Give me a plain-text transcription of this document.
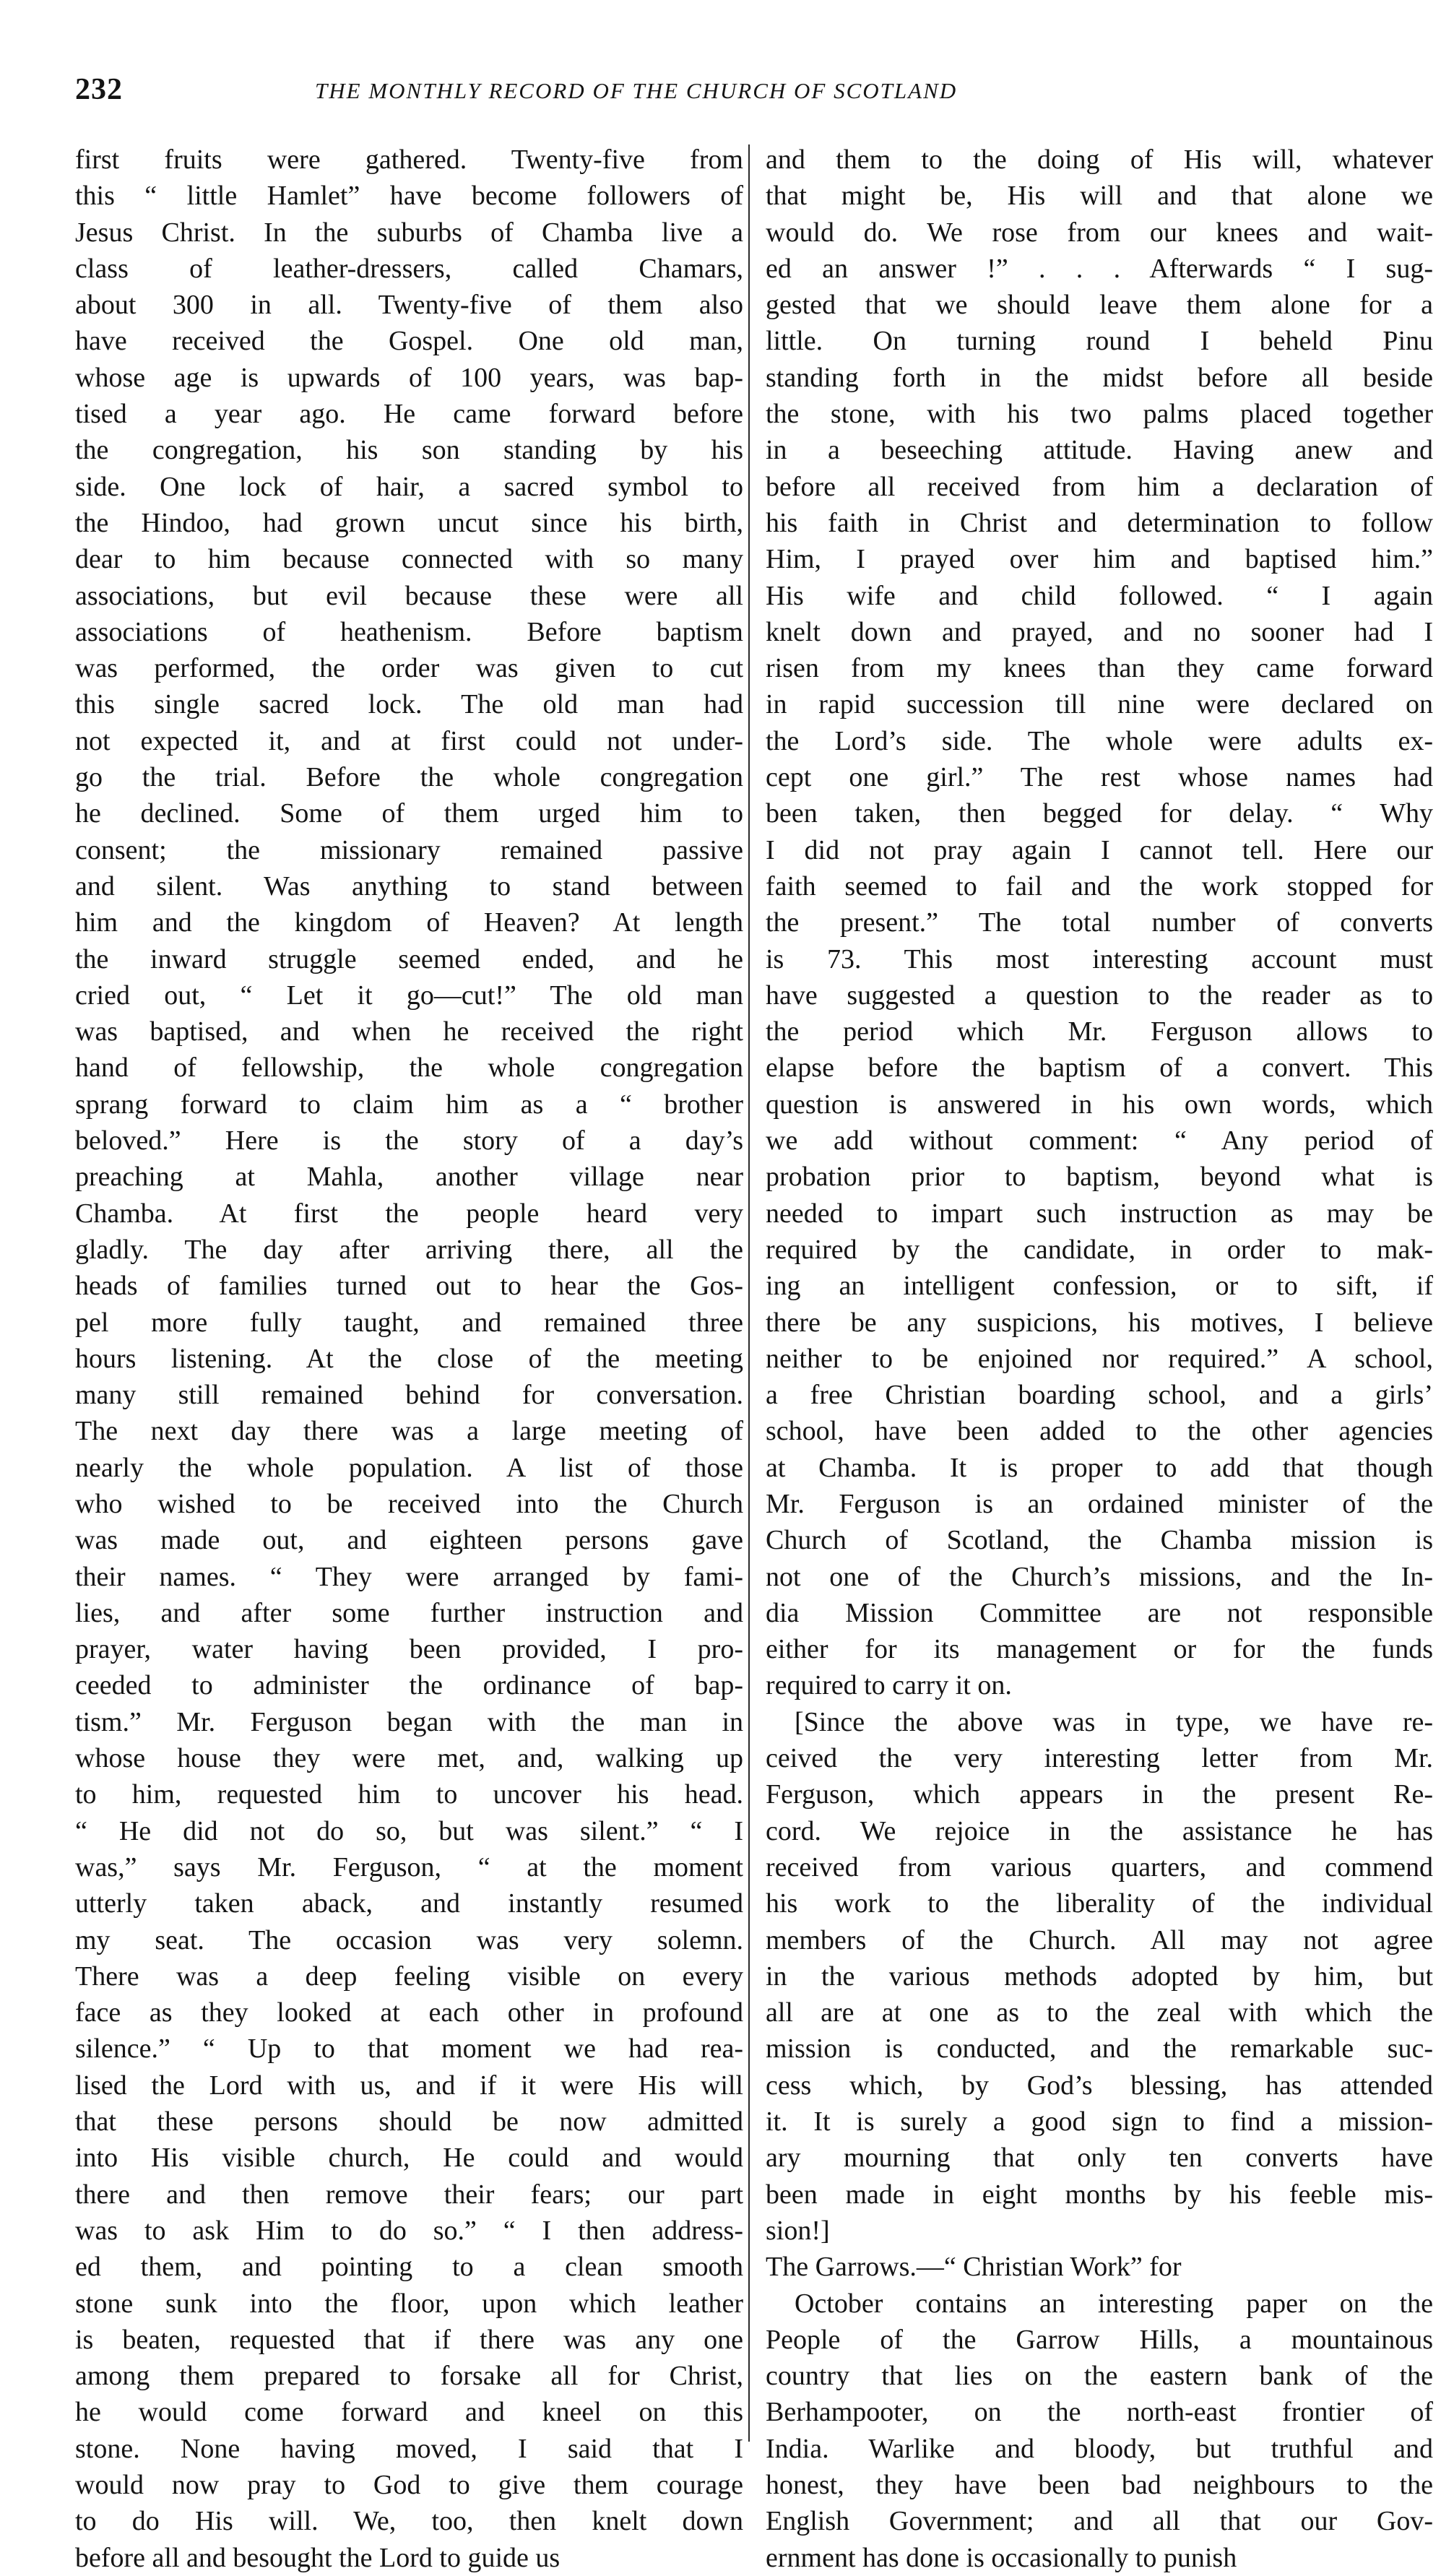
232	THE MONTHLY RECORD OF THE CHURCH OF SCOTLAND
first fruits were gathered. Twenty-five from
this “ little Hamlet” have become followers of
Jesus Christ. In the suburbs of Chamba live a
class of leather-dressers, called Chamars,
about 300 in all. Twenty-five of them also
have received the Gospel. One old man,
whose age is upwards of 100 years, was bap-
tised a year ago. He came forward before
the congregation, his son standing by his
side. One lock of hair, a sacred symbol to
the Hindoo, had grown uncut since his birth,
dear to him because connected with so many
associations, but evil because these were all
associations of heathenism. Before baptism
was performed, the order was given to cut
this single sacred lock. The old man had
not expected it, and at first could not under-
go the trial. Before the whole congregation
he declined. Some of them urged him to
consent; the missionary remained passive
and silent. Was anything to stand between
him and the kingdom of Heaven? At length
the inward struggle seemed ended, and he
cried out, “ Let it go—cut!” The old man
was baptised, and when he received the right
hand of fellowship, the whole congregation
sprang forward to claim him as a “ brother
beloved.” Here is the story of a day’s
preaching at Mahla, another village near
Chamba. At first the people heard very
gladly. The day after arriving there, all the
heads of families turned out to hear the Gos-
pel more fully taught, and remained three
hours listening. At the close of the meeting
many still remained behind for conversation.
The next day there was a large meeting of
nearly the whole population. A list of those
who wished to be received into the Church
was made out, and eighteen persons gave
their names. “ They were arranged by fami-
lies, and after some further instruction and
prayer, water having been provided, I pro-
ceeded to administer the ordinance of bap-
tism.” Mr. Ferguson began with the man in
whose house they were met, and, walking up
to him, requested him to uncover his head.
“ He did not do so, but was silent.” “ I
was,” says Mr. Ferguson, “ at the moment
utterly taken aback, and instantly resumed
my seat. The occasion was very solemn.
There was a deep feeling visible on every
face as they looked at each other in profound
silence.” “ Up to that moment we had rea-
lised the Lord with us, and if it were His will
that these persons should be now admitted
into His visible church, He could and would
there and then remove their fears; our part
was to ask Him to do so.” “ I then address-
ed them, and pointing to a clean smooth
stone sunk into the floor, upon which leather
is beaten, requested that if there was any one
among them prepared to forsake all for Christ,
he would come forward and kneel on this
stone. None having moved, I said that I
would now pray to God to give them courage
to do His will. We, too, then knelt down
before all and besought the Lord to guide us
and them to the doing of His will, whatever
that might be, His will and that alone we
would do. We rose from our knees and wait-
ed an answer !” . . . Afterwards “ I sug-
gested that we should leave them alone for a
little. On turning round I beheld Pinu
standing forth in the midst before all beside
the stone, with his two palms placed together
in a beseeching attitude. Having anew and
before all received from him a declaration of
his faith in Christ and determination to follow
Him, I prayed over him and baptised him.”
His wife and child followed. “ I again
knelt down and prayed, and no sooner had I
risen from my knees than they came forward
in rapid succession till nine were declared on
the Lord’s side. The whole were adults ex-
cept one girl.” The rest whose names had
been taken, then begged for delay. “ Why
I did not pray again I cannot tell. Here our
faith seemed to fail and the work stopped for
the present.” The total number of converts
is 73. This most interesting account must
have suggested a question to the reader as to
the period which Mr. Ferguson allows to
elapse before the baptism of a convert. This
question is answered in his own words, which
we add without comment: “ Any period of
probation prior to baptism, beyond what is
needed to impart such instruction as may be
required by the candidate, in order to mak-
ing an intelligent confession, or to sift, if
there be any suspicions, his motives, I believe
neither to be enjoined nor required.” A school,
a free Christian boarding school, and a girls’
school, have been added to the other agencies
at Chamba. It is proper to add that though
Mr. Ferguson is an ordained minister of the
Church of Scotland, the Chamba mission is
not one of the Church’s missions, and the In-
dia Mission Committee are not responsible
either for its management or for the funds
required to carry it on.
[Since the above was in type, we have re-
ceived the very interesting letter from Mr.
Ferguson, which appears in the present Re-
cord. We rejoice in the assistance he has
received from various quarters, and commend
his work to the liberality of the individual
members of the Church. All may not agree
in the various methods adopted by him, but
all are at one as to the zeal with which the
mission is conducted, and the remarkable suc-
cess which, by God’s blessing, has attended
it. It is surely a good sign to find a mission-
ary mourning that only ten converts have
been made in eight months by his feeble mis-
sion!]
The Garrows.—“ Christian Work” for
October contains an interesting paper on the
People of the Garrow Hills, a mountainous
country that lies on the eastern bank of the
Berhampooter, on the north-east frontier of
India. Warlike and bloody, but truthful and
honest, they have been bad neighbours to the
English Government; and all that our Gov-
ernment has done is occasionally to punish
